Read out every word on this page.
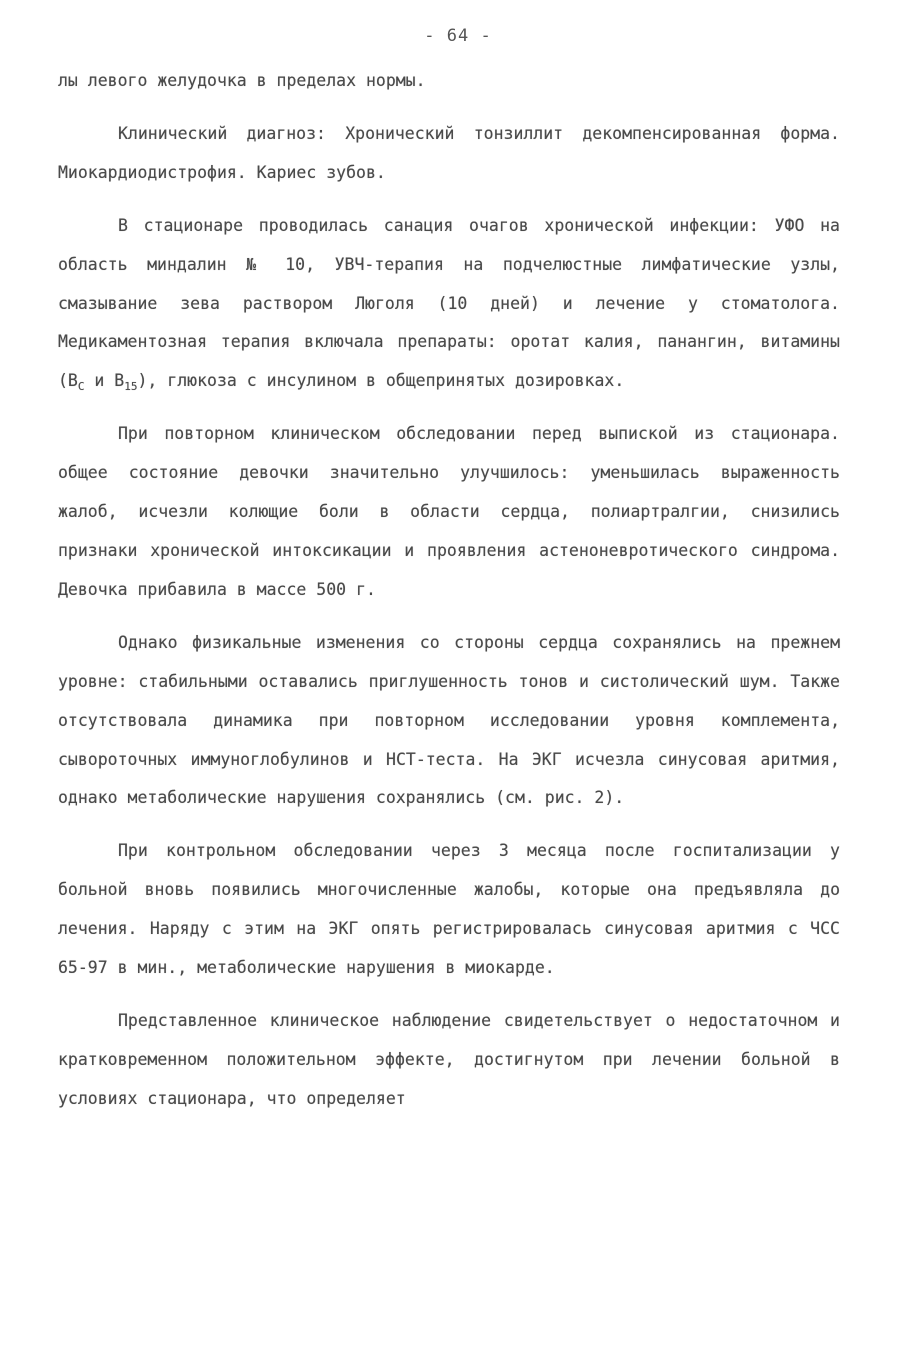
- 64 -

лы левого желудочка в пределах нормы.

Клинический диагноз: Хронический тонзиллит декомпенсированная форма. Миокардиодистрофия. Кариес зубов.

В стационаре проводилась санация очагов хронической инфекции: УФО на область миндалин № 10, УВЧ-терапия на подчелюстные лимфатические узлы, смазывание зева раствором Люголя (10 дней) и лечение у стоматолога. Медикаментозная терапия включала препараты: оротат калия, панангин, витамины ($B_С$ и $B_{15}$), глюкоза с инсулином в общепринятых дозировках.

При повторном клиническом обследовании перед выпиской из стационара. общее состояние девочки значительно улучшилось: уменьшилась выраженность жалоб, исчезли колющие боли в области сердца, полиартралгии, снизились признаки хронической интоксикации и проявления астеноневротического синдрома. Девочка прибавила в массе 500 г.

Однако физикальные изменения со стороны сердца сохранялись на прежнем уровне: стабильными оставались приглушенность тонов и систолический шум. Также отсутствовала динамика при повторном исследовании уровня комплемента, сывороточных иммуноглобулинов и НСТ-теста. На ЭКГ исчезла синусовая аритмия, однако метаболические нарушения сохранялись (см. рис. 2).

При контрольном обследовании через 3 месяца после госпитализации у больной вновь появились многочисленные жалобы, которые она предъявляла до лечения. Наряду с этим на ЭКГ опять регистрировалась синусовая аритмия с ЧСС 65-97 в мин., метаболические нарушения в миокарде.

Представленное клиническое наблюдение свидетельствует о недостаточном и кратковременном положительном эффекте, достигнутом при лечении больной в условиях стационара, что определяет
